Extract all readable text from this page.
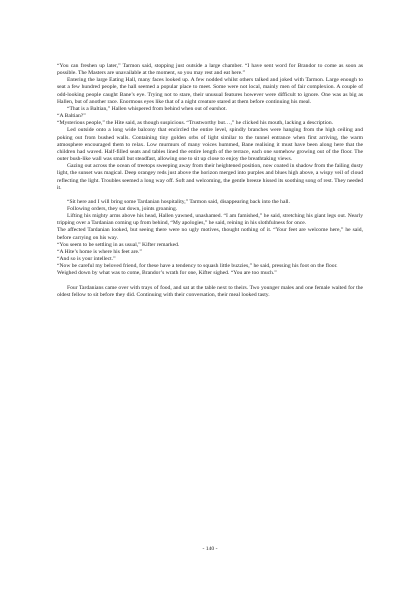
“You can freshen up later,” Tarmon said, stopping just outside a large chamber. “I have sent word for Brandor to come as soon as possible. The Masters are unavailable at the moment, so you may rest and eat here.”

Entering the large Eating Hall, many faces looked up. A few nodded whilst others talked and joked with Tarmon. Large enough to seat a few hundred people, the hall seemed a popular place to meet. Some were not local, mainly men of fair complexion. A couple of odd-looking people caught Bane’s eye. Trying not to stare, their unusual features however were difficult to ignore. One was as big as Hallen, but of another race. Enormous eyes like that of a night creature stared at them before continuing his meal.

“That is a Baltian,” Hallen whispered from behind when out of earshot.

“A Baltian?”

“Mysterious people,” the Hite said, as though suspicious. “Trustworthy but…,” he clicked his mouth, lacking a description.

Led outside onto a long wide balcony that encircled the entire level, spindly branches were hanging from the high ceiling and poking out from bushed walls. Containing tiny golden orbs of light similar to the tunnel entrance when first arriving, the warm atmosphere encouraged them to relax. Low murmurs of many voices hummed, Bane realising it must have been along here that the children had waved. Half-filled seats and tables lined the entire length of the terrace, each one somehow growing out of the floor. The outer bush-like wall was small but steadfast, allowing one to sit up close to enjoy the breathtaking views.

Gazing out across the ocean of treetops sweeping away from their heightened position, now coated in shadow from the failing dusty light, the sunset was magical. Deep orangey reds just above the horizon merged into purples and blues high above, a wispy veil of cloud reflecting the light. Troubles seemed a long way off. Soft and welcoming, the gentle breeze hissed its soothing song of rest. They needed it.

“Sit here and I will bring some Tardanian hospitality,” Tarmon said, disappearing back into the hall.

Following orders, they sat down, joints groaning.

Lifting his mighty arms above his head, Hallen yawned, unashamed. “I am famished,” he said, stretching his giant legs out. Nearly tripping over a Tardanian coming up from behind, “My apologies,” he said, reining in his slothfulness for once.

The affected Tardanian looked, but seeing there were no ugly motives, thought nothing of it. “Your feet are welcome here,” he said, before carrying on his way.

“You seem to be settling in as usual,” Kifter remarked.

“A Hite’s home is where his feet are.”

“And so is your intellect.”

“Now be careful my beloved friend, for these have a tendency to squash little buzzies,” he said, pressing his foot on the floor.

Weighed down by what was to come, Brandor’s wrath for one, Kifter sighed. “You are too much.”

Four Tardanians came over with trays of food, and sat at the table next to theirs. Two younger males and one female waited for the oldest fellow to sit before they did. Continuing with their conversation, their meal looked tasty.

- 140 -
